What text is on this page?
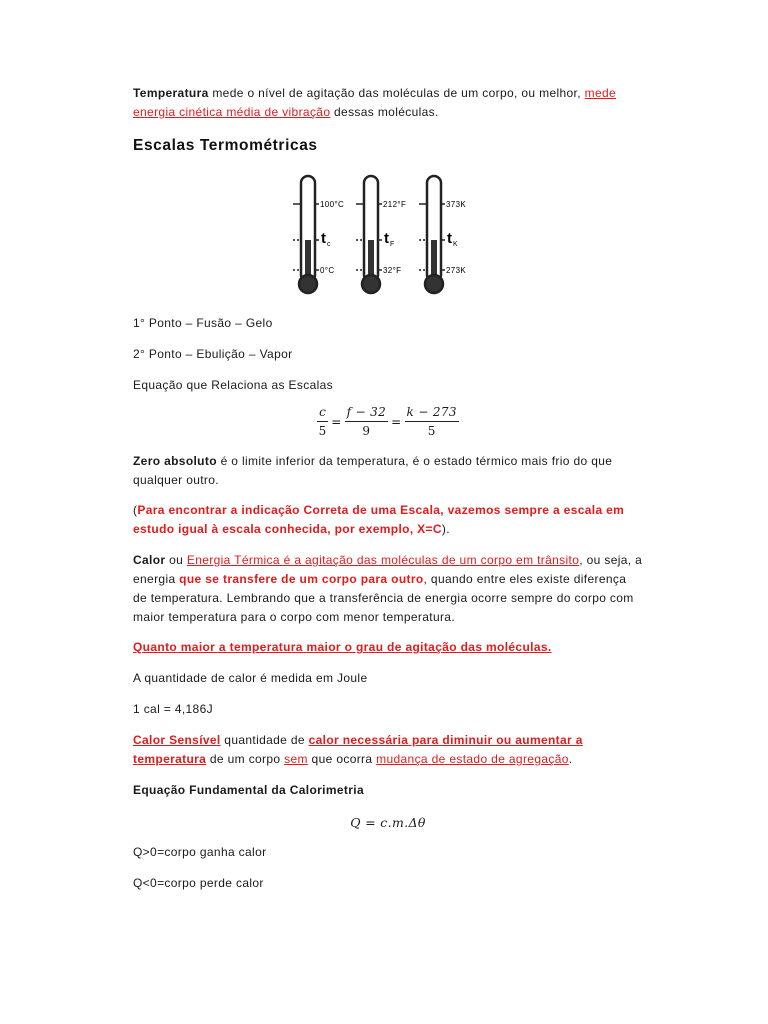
Temperatura mede o nível de agitação das moléculas de um corpo, ou melhor, mede energia cinética média de vibração dessas moléculas.

Escalas Termométricas
100°C
t c
0°C
212°F
t F
32°F
373K
t K
273K

1° Ponto – Fusão – Gelo

2° Ponto – Ebulição – Vapor

Equação que Relaciona as Escalas

$\frac{c}{5} = \frac{f - 32}{9} = \frac{k - 273}{5}$

Zero absoluto é o limite inferior da temperatura, é o estado térmico mais frio do que qualquer outro.

(Para encontrar a indicação Correta de uma Escala, vazemos sempre a escala em estudo igual à escala conhecida, por exemplo, X=C).

Calor ou Energia Térmica é a agitação das moléculas de um corpo em trânsito, ou seja, a energia que se transfere de um corpo para outro, quando entre eles existe diferença de temperatura. Lembrando que a transferência de energia ocorre sempre do corpo com maior temperatura para o corpo com menor temperatura.

Quanto maior a temperatura maior o grau de agitação das moléculas.

A quantidade de calor é medida em Joule

1 cal = 4,186J

Calor Sensível quantidade de calor necessária para diminuir ou aumentar a temperatura de um corpo sem que ocorra mudança de estado de agregação.

Equação Fundamental da Calorimetria

Q = c.m.Δθ

Q>0=corpo ganha calor

Q<0=corpo perde calor
